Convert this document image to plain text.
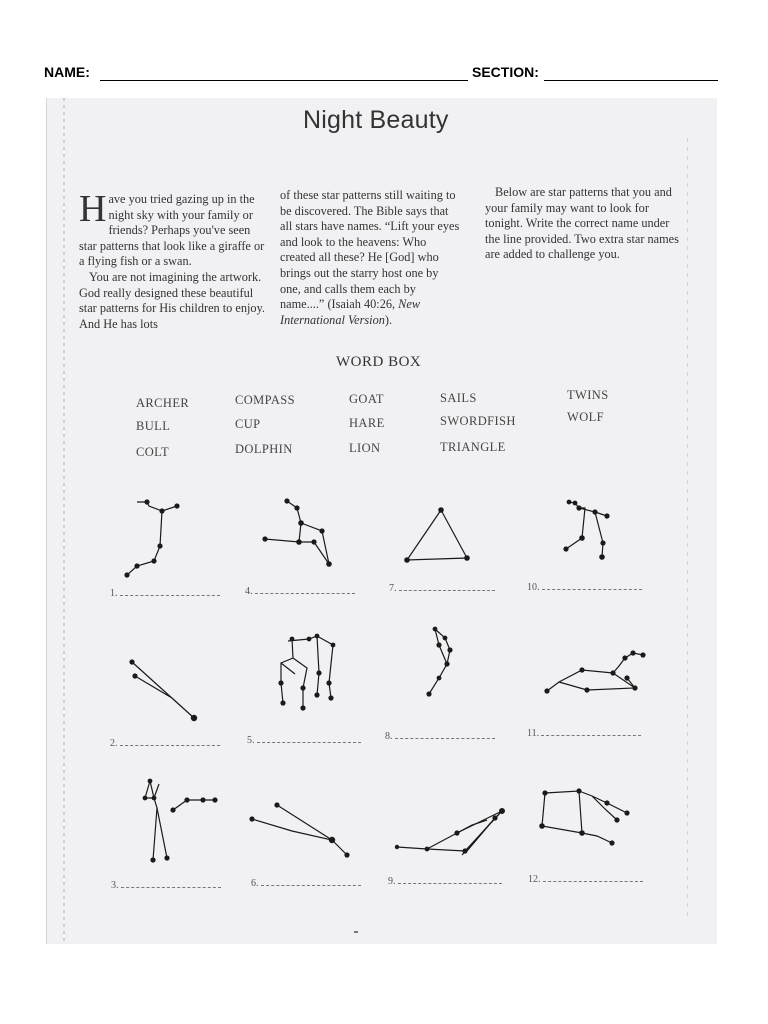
NAME:	SECTION:
Night Beauty
Have you tried gazing up in the night sky with your family or friends? Perhaps you've seen star patterns that look like a giraffe or a flying fish or a swan.
You are not imagining the artwork. God really designed these beautiful star patterns for His children to enjoy. And He has lots
of these star patterns still waiting to be discovered. The Bible says that all stars have names. “Lift your eyes and look to the heavens: Who created all these? He [God] who brings out the starry host one by one, and calls them each by name....” (Isaiah 40:26, New International Version).
Below are star patterns that you and your family may want to look for tonight. Write the correct name under the line provided. Two extra star names are added to challenge you.
WORD BOX
ARCHER
BULL
COLT
COMPASS
CUP
DOLPHIN
GOAT
HARE
LION
SAILS
SWORDFISH
TRIANGLE
TWINS
WOLF
1.	4.	7.	10.
2.	5.	8.	11.
3.	6.	9.	12.
